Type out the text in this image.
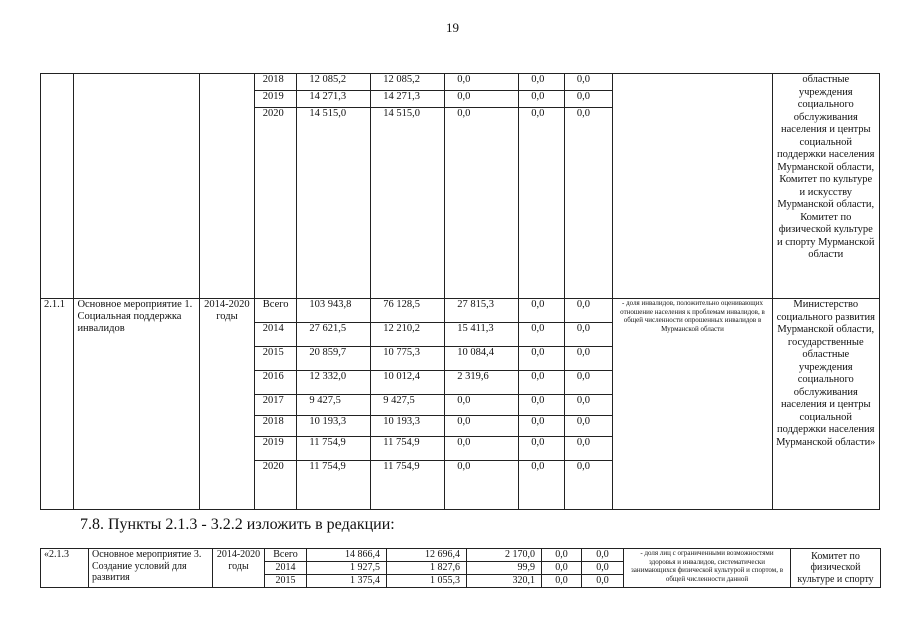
19
			2018	12 085,2	12 085,2	0,0	0,0	0,0		областные учреждения социального обслуживания населения и центры социальной поддержки населения Мурманской области, Комитет по культуре и искусству Мурманской области, Комитет по физической культуре и спорту Мурманской области
			2019	14 271,3	14 271,3	0,0	0,0	0,0		
			2020	14 515,0	14 515,0	0,0	0,0	0,0		
2.1.1	Основное мероприятие 1. Социальная поддержка инвалидов	2014-2020 годы	Всего	103 943,8	76 128,5	27 815,3	0,0	0,0	- доля инвалидов, положительно оценивающих отношение населения к проблемам инвалидов, в общей численности опрошенных инвалидов в Мурманской области	Министерство социального развития Мурманской области, государственные областные учреждения социального обслуживания населения и центры социальной поддержки населения Мурманской области»
			2014	27 621,5	12 210,2	15 411,3	0,0	0,0		
			2015	20 859,7	10 775,3	10 084,4	0,0	0,0		
			2016	12 332,0	10 012,4	2 319,6	0,0	0,0		
			2017	9 427,5	9 427,5	0,0	0,0	0,0		
			2018	10 193,3	10 193,3	0,0	0,0	0,0		
			2019	11 754,9	11 754,9	0,0	0,0	0,0		
			2020	11 754,9	11 754,9	0,0	0,0	0,0		
7.8. Пункты 2.1.3 - 3.2.2 изложить в редакции:
«2.1.3	Основное мероприятие 3. Создание условий для развития	2014-2020 годы	Всего	14 866,4	12 696,4	2 170,0	0,0	0,0	- доля лиц с ограниченными возможностями здоровья и инвалидов, систематически занимающихся физической культурой и спортом, в общей численности данной	Комитет по физической культуре и спорту
			2014	1 927,5	1 827,6	99,9	0,0	0,0		
			2015	1 375,4	1 055,3	320,1	0,0	0,0		
